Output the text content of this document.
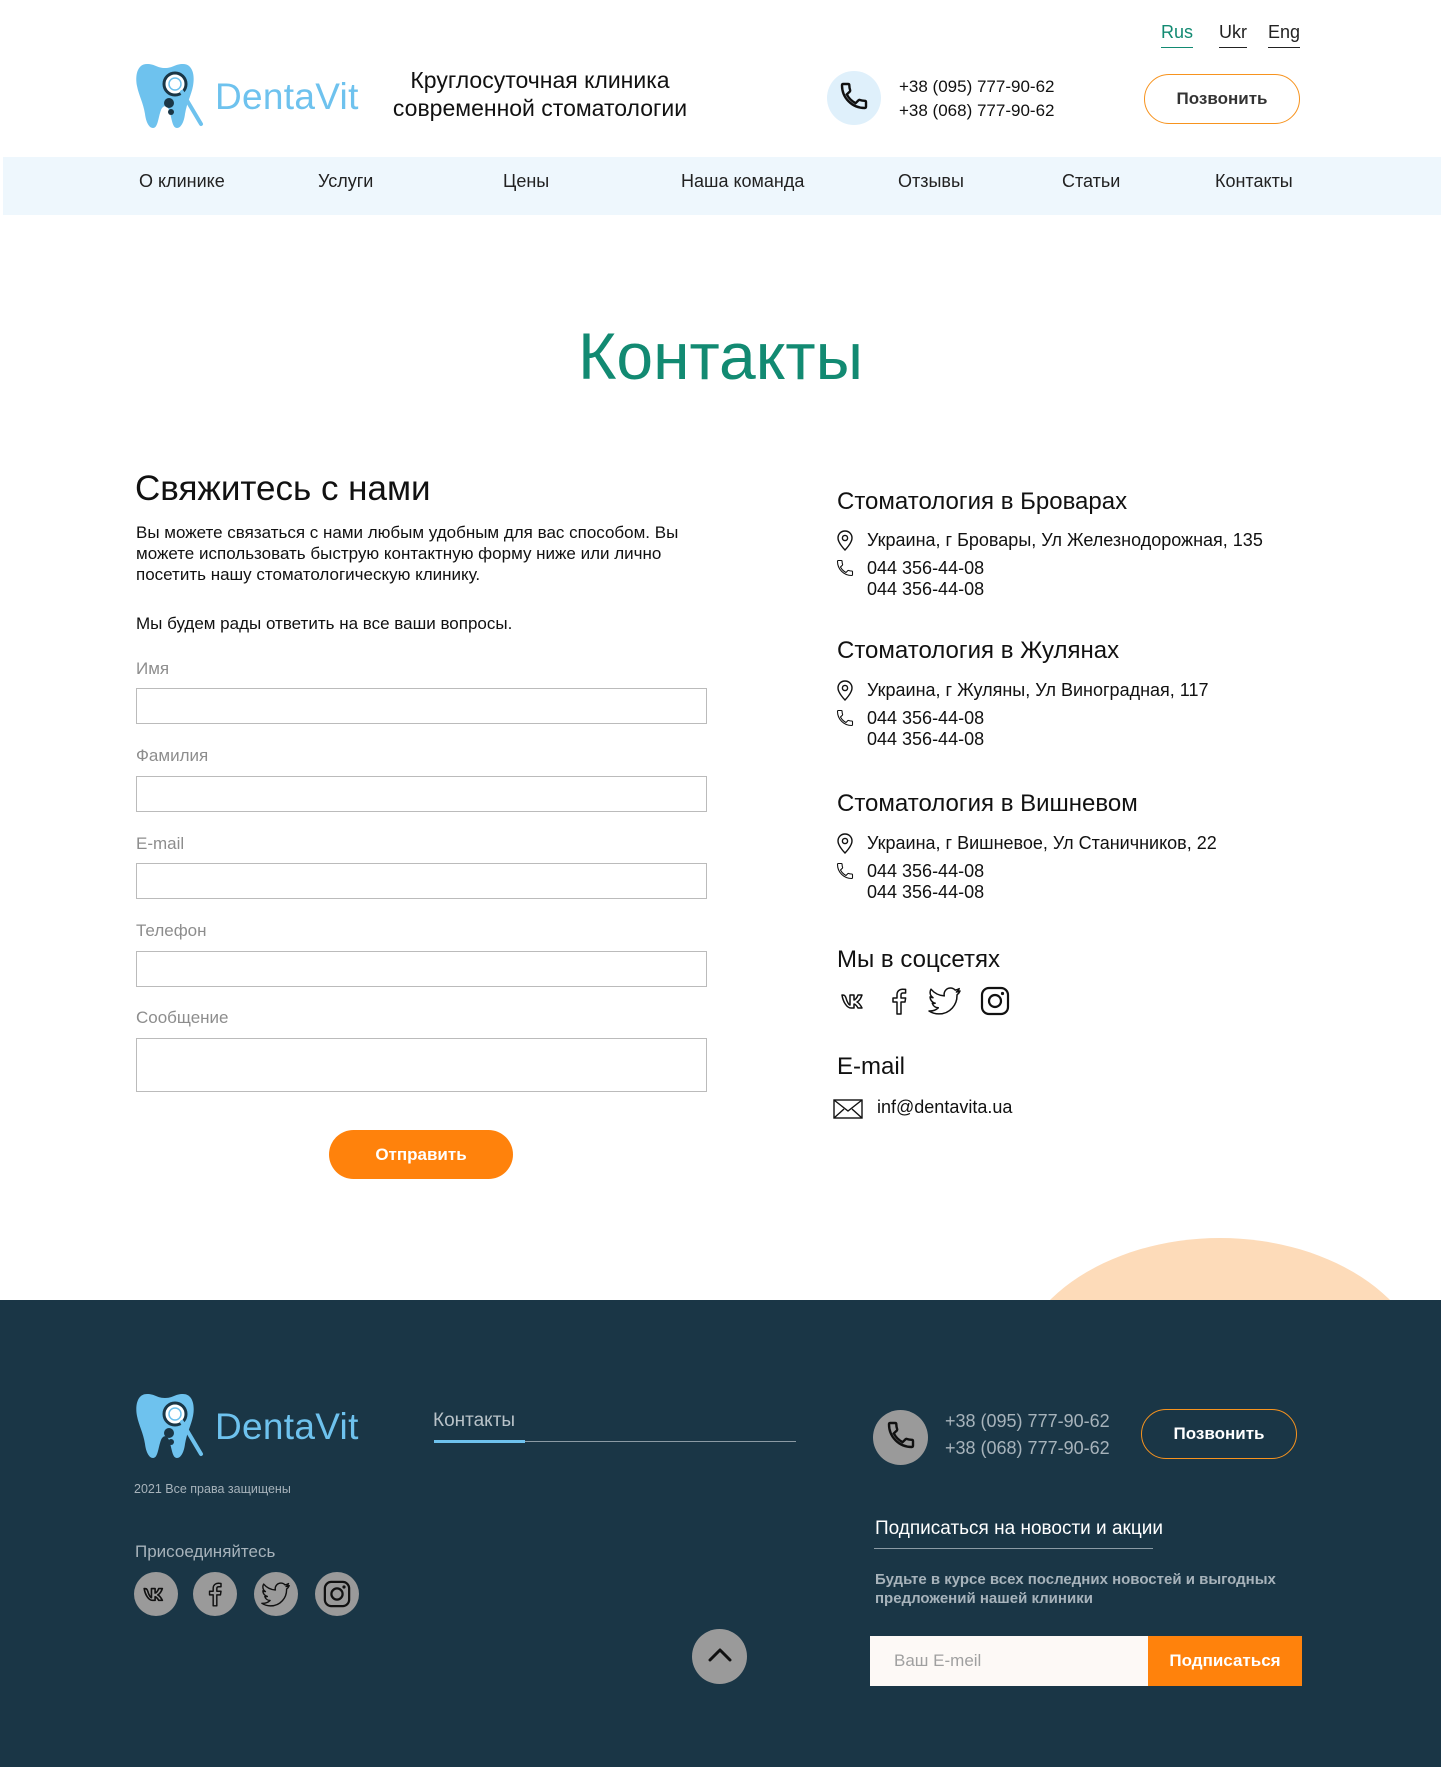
Rus Ukr Eng
DentaVit	Круглосуточная клиника
современной стоматологии
+38 (095) 777-90-62
+38 (068) 777-90-62
Позвонить
О клинике	Услуги	Цены	Наша команда	Отзывы	Статьи	Контакты
Контакты
Свяжитесь с нами

Вы можете связаться с нами любым удобным для вас способом. Вы можете использовать быструю контактную форму ниже или лично посетить нашу стоматологическую клинику.

Мы будем рады ответить на все ваши вопросы.

Имя
Фамилия
E-mail
Телефон
Сообщение
Отправить
Стоматология в Броварах
Украина, г Бровары, Ул Железнодорожная, 135
044 356-44-08
044 356-44-08
Стоматология в Жулянах
Украина, г Жуляны, Ул Виноградная, 117
044 356-44-08
044 356-44-08
Стоматология в Вишневом
Украина, г Вишневое, Ул Станичников, 22
044 356-44-08
044 356-44-08
Мы в соцсетях
E-mail
inf@dentavita.ua
DentaVit
2021 Все права защищены
Присоединяйтесь
Контакты	+38 (095) 777-90-62
+38 (068) 777-90-62
Позвонить
Подписаться на новости и акции
Будьте в курсе всех последних новостей и выгодных предложений нашей клиники
Ваш E-meil
Подписаться
